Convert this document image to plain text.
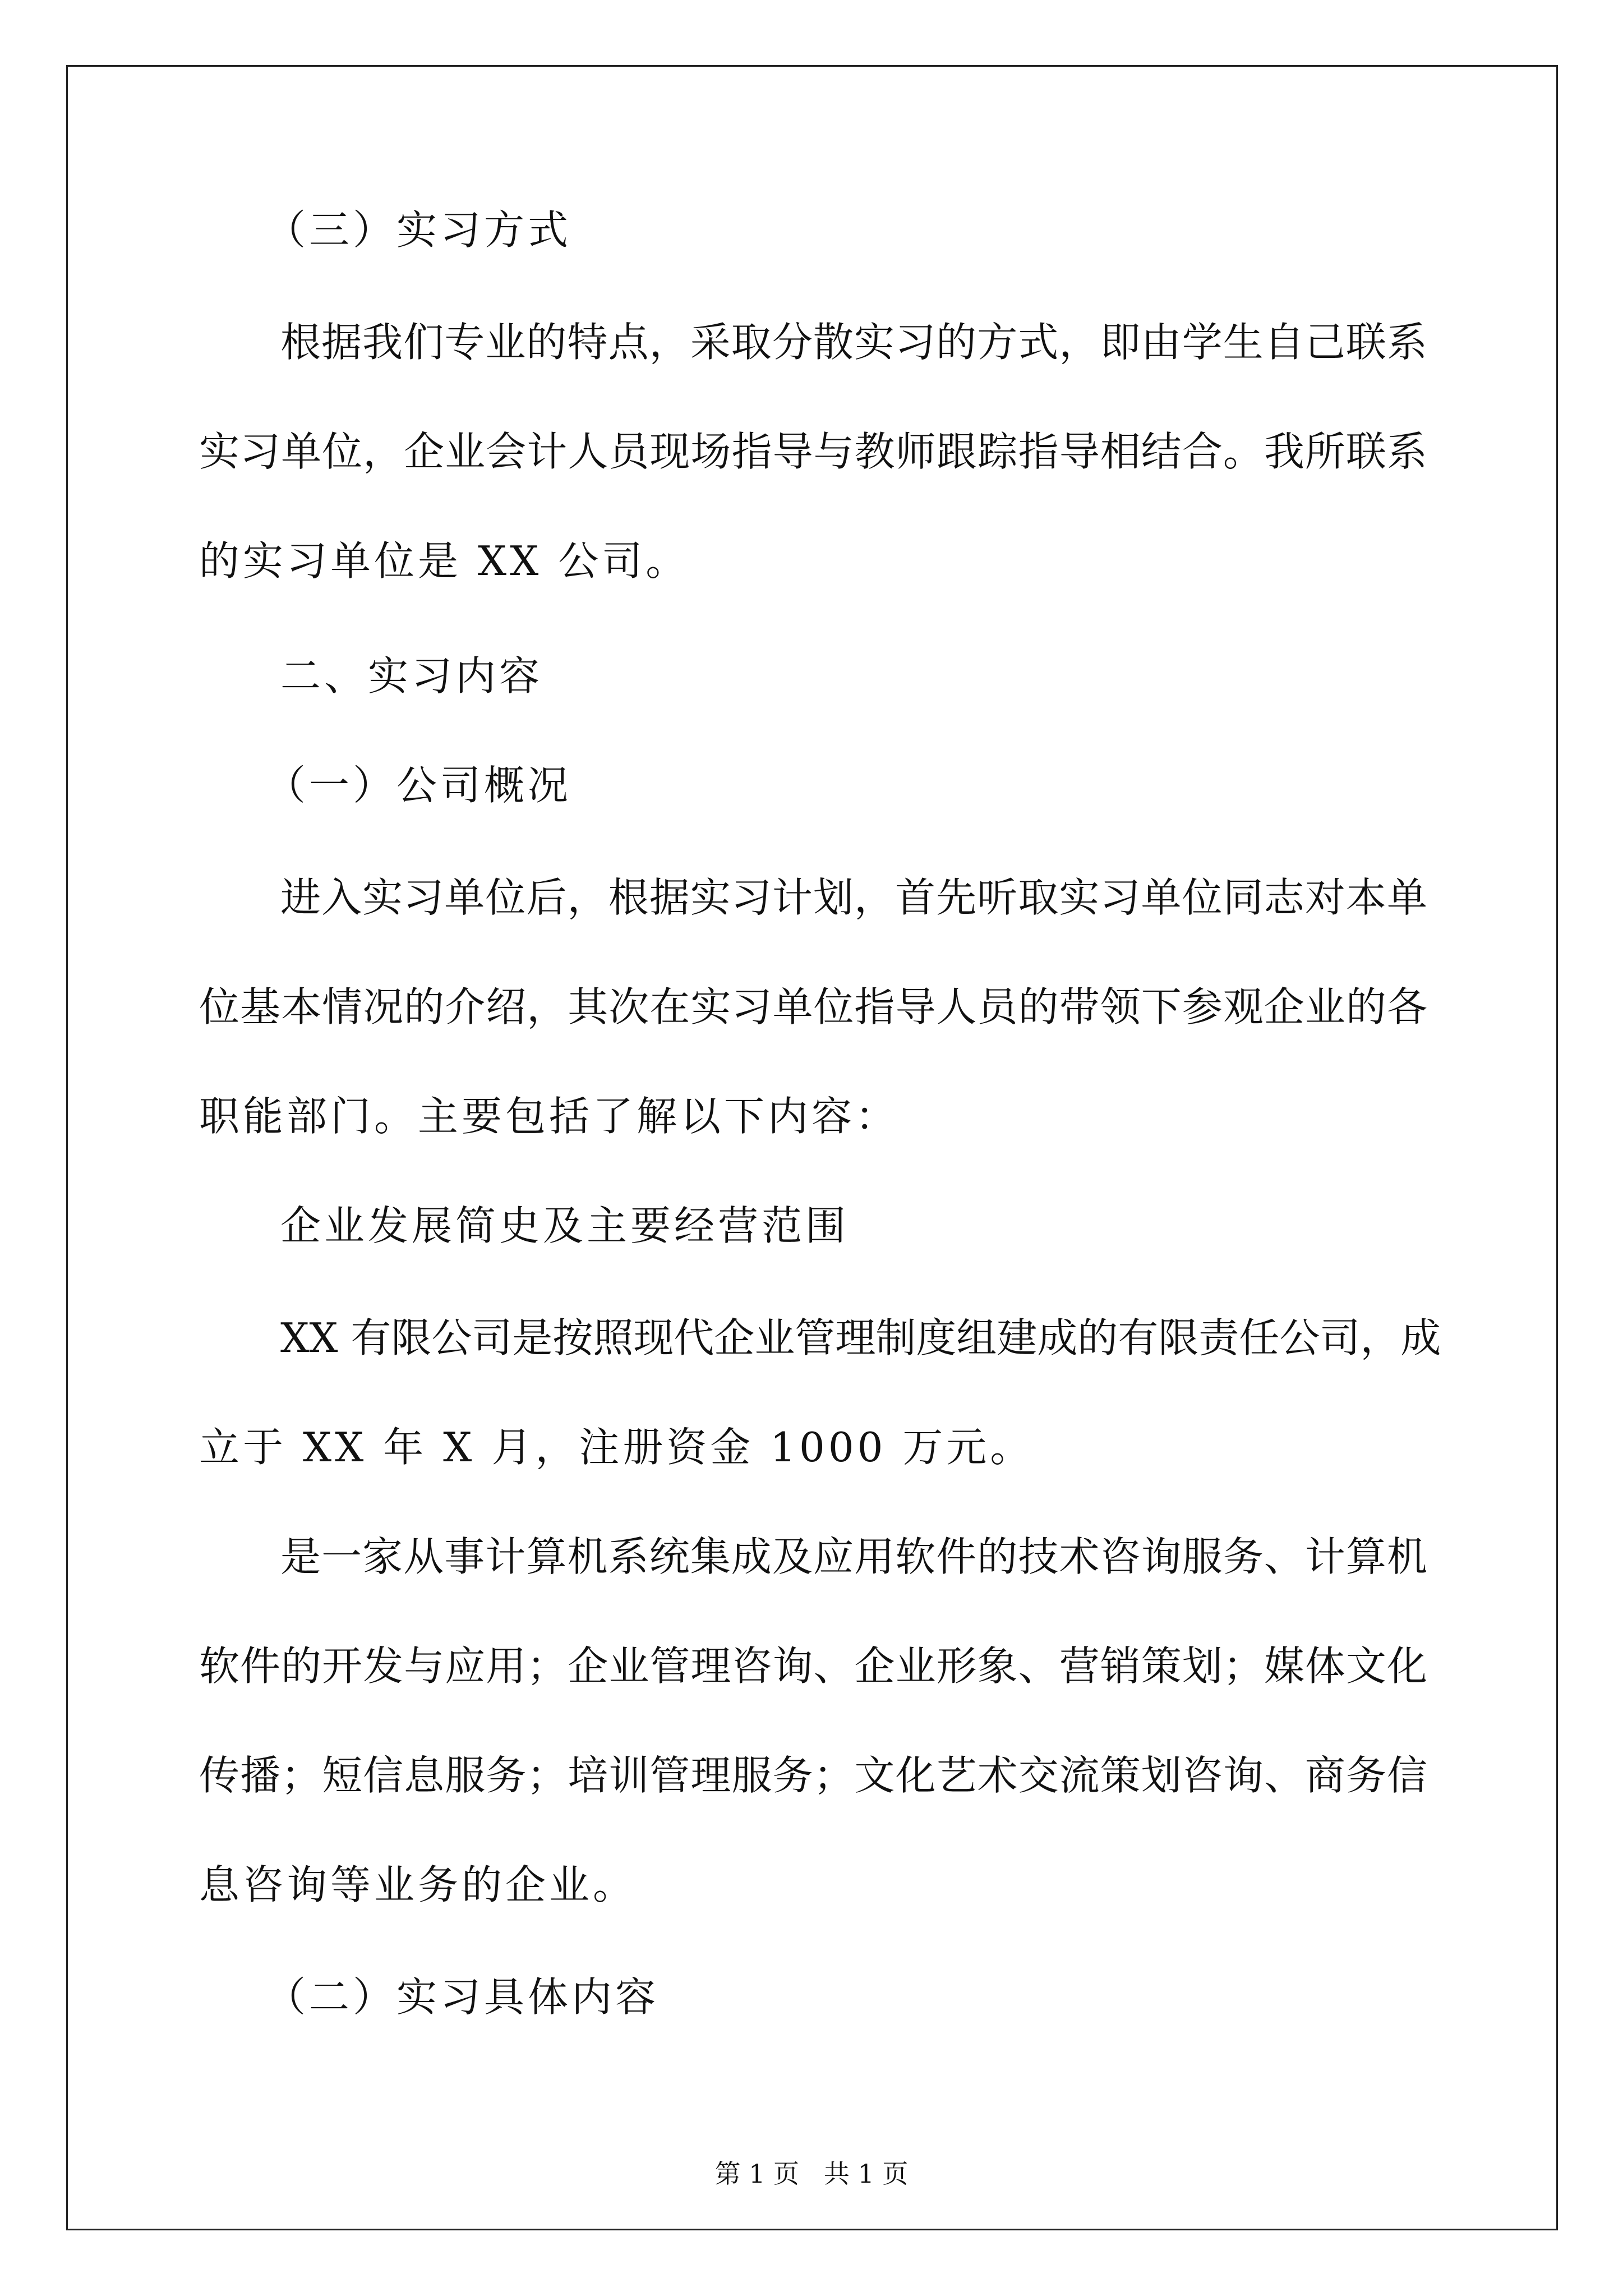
（三）实习方式
根据我们专业的特点，采取分散实习的方式，即由学生自己联系
实习单位，企业会计人员现场指导与教师跟踪指导相结合。我所联系
的实习单位是 XX 公司。
二、实习内容
（一）公司概况
进入实习单位后，根据实习计划，首先听取实习单位同志对本单
位基本情况的介绍，其次在实习单位指导人员的带领下参观企业的各
职能部门。主要包括了解以下内容：
企业发展简史及主要经营范围
XX 有限公司是按照现代企业管理制度组建成的有限责任公司，成
立于 XX 年 X 月，注册资金 1000 万元。
是一家从事计算机系统集成及应用软件的技术咨询服务、计算机
软件的开发与应用；企业管理咨询、企业形象、营销策划；媒体文化
传播；短信息服务；培训管理服务；文化艺术交流策划咨询、商务信
息咨询等业务的企业。
（二）实习具体内容
第 1 页   共 1 页
